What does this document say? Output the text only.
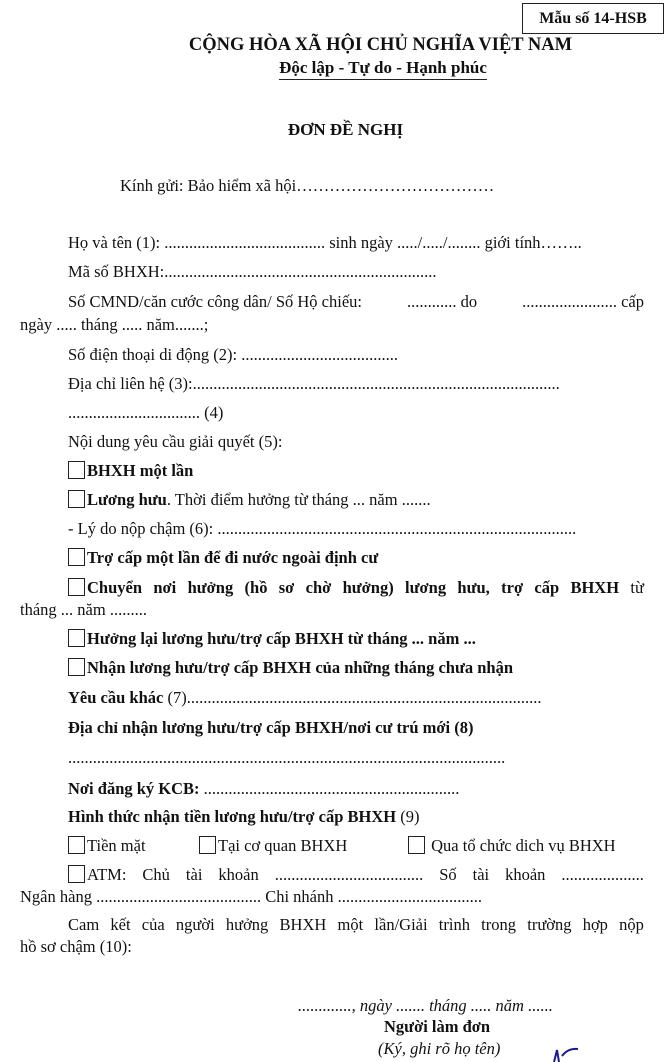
Mẫu số 14-HSB
CỘNG HÒA XÃ HỘI CHỦ NGHĨA VIỆT NAM
Độc lập - Tự do - Hạnh phúc
ĐƠN ĐỀ NGHỊ
Kính gửi: Bảo hiểm xã hội………………………………
Họ và tên (1): ....................................... sinh ngày ...../...../........ giới tính……..
Mã số BHXH:..................................................................
Số CMND/căn cước công dân/ Số Hộ chiếu:	............ do	....................... cấp
ngày ..... tháng ..... năm.......;
Số điện thoại di động (2): ......................................
Địa chỉ liên hệ (3):.........................................................................................
................................ (4)
Nội dung yêu cầu giải quyết (5):
BHXH một lần
Lương hưu. Thời điểm hưởng từ tháng ... năm .......
- Lý do nộp chậm (6): .......................................................................................
Trợ cấp một lần để đi nước ngoài định cư
Chuyển nơi hưởng (hồ sơ chờ hưởng) lương hưu, trợ cấp BHXH từ
tháng ... năm .........
Hưởng lại lương hưu/trợ cấp BHXH từ tháng ... năm ...
Nhận lương hưu/trợ cấp BHXH của những tháng chưa nhận
Yêu cầu khác (7)......................................................................................
Địa chỉ nhận lương hưu/trợ cấp BHXH/nơi cư trú mới (8)
..........................................................................................................
Nơi đăng ký KCB: ..............................................................
Hình thức nhận tiền lương hưu/trợ cấp BHXH (9)
Tiền mặt	Tại cơ quan BHXH	Qua tổ chức dich vụ BHXH
ATM: Chủ tài khoản .................................... Số tài khoản ....................
Ngân hàng ........................................ Chi nhánh ...................................
Cam kết của người hưởng BHXH một lần/Giải trình trong trường hợp nộp
hồ sơ chậm (10):
............., ngày ....... tháng ..... năm ......
Người làm đơn
(Ký, ghi rõ họ tên)
